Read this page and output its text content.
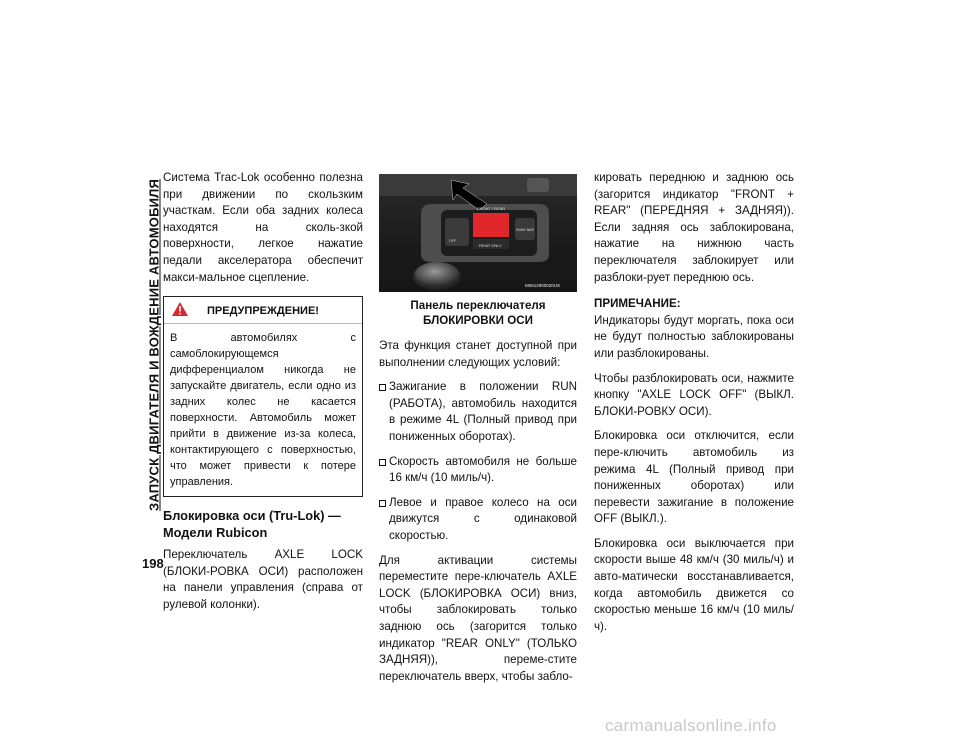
ЗАПУСК ДВИГАТЕЛЯ И ВОЖДЕНИЕ АВТОМОБИЛЯ

Система Trac-Lok особенно полезна при движении по скользким участкам. Если оба задних колеса находятся на сколь-зкой поверхности, легкое нажатие педали акселератора обеспечит макси-мальное сцепление.

ПРЕДУПРЕЖДЕНИЕ!
В автомобилях с самоблокирующемся дифференциалом никогда не запускайте двигатель, если одно из задних колес не касается поверхности. Автомобиль может прийти в движение из-за колеса, контактирующего с поверхностью, что может привести к потере управления.
Блокировка оси (Tru-Lok) — Модели Rubicon

Переключатель AXLE LOCK (БЛОКИ-РОВКА ОСИ) расположен на панели управления (справа от рулевой колонки).

FRONT / REAR
REAR ONLY
SWAY BAR
OFF
M0612900020US
Панель переключателя
БЛОКИРОВКИ ОСИ

Эта функция станет доступной при выполнении следующих условий:

Зажигание в положении RUN (РАБОТА), автомобиль находится в режиме 4L (Полный привод при пониженных оборотах).
Скорость автомобиля не больше 16 км/ч (10 миль/ч).
Левое и правое колесо на оси движутся с одинаковой скоростью.

Для активации системы переместите пере-ключатель AXLE LOCK (БЛОКИРОВКА ОСИ) вниз, чтобы заблокировать только заднюю ось (загорится только индикатор "REAR ONLY" (ТОЛЬКО ЗАДНЯЯ)), переме-стите переключатель вверх, чтобы забло-

кировать переднюю и заднюю ось (загорится индикатор "FRONT + REAR" (ПЕРЕДНЯЯ + ЗАДНЯЯ)). Если задняя ось заблокирована, нажатие на нижнюю часть переключателя заблокирует или разблоки-рует переднюю ось.

ПРИМЕЧАНИЕ:

Индикаторы будут моргать, пока оси не будут полностью заблокированы или разблокированы.

Чтобы разблокировать оси, нажмите кнопку "AXLE LOCK OFF" (ВЫКЛ. БЛОКИ-РОВКУ ОСИ).

Блокировка оси отключится, если пере-ключить автомобиль из режима 4L (Полный привод при пониженных оборотах) или перевести зажигание в положение OFF (ВЫКЛ.).

Блокировка оси выключается при скорости выше 48 км/ч (30 миль/ч) и авто-матически восстанавливается, когда автомобиль движется со скоростью меньше 16 км/ч (10 миль/ч).

198
carmanualsonline.info
